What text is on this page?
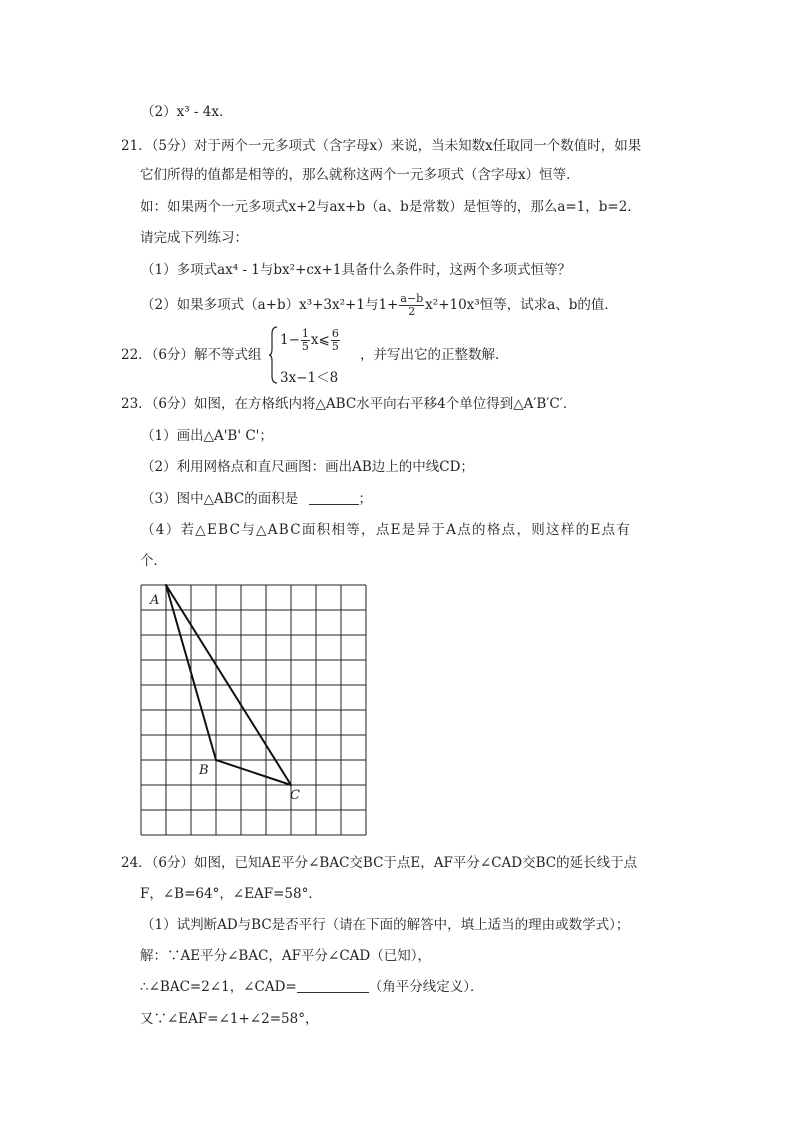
（2）x³ - 4x．
21．（5分）对于两个一元多项式（含字母x）来说，当未知数x任取同一个数值时，如果
它们所得的值都是相等的，那么就称这两个一元多项式（含字母x）恒等．
如：如果两个一元多项式x+2与ax+b（a、b是常数）是恒等的，那么a=1，b=2．
请完成下列练习：
（1）多项式ax⁴ - 1与bx²+cx+1具备什么条件时，这两个多项式恒等？
（2）如果多项式（a+b）x³+3x²+1与$1+ \frac{a-b}{2} x^2+10x^3$恒等，试求a、b的值．
22．（6分）解不等式组
$1- \frac{1}{5}$ x⩽ $\frac{6}{5}$
3x−1＜8
，并写出它的正整数解．
23．（6分）如图，在方格纸内将△ABC水平向右平移4个单位得到△A′B′C′．
（1）画出△A'B' C'；
（2）利用网格点和直尺画图：画出AB边上的中线CD；
（3）图中△ABC的面积是	；
（4）若△EBC与△ABC面积相等，点E是异于A点的格点，则这样的E点有
个．
A
B
C
24．（6分）如图，已知AE平分∠BAC交BC于点E，AF平分∠CAD交BC的延长线于点
F，∠B=64°，∠EAF=58°．
（1）试判断AD与BC是否平行（请在下面的解答中，填上适当的理由或数学式）；
解：∵AE平分∠BAC，AF平分∠CAD（已知），
∴∠BAC=2∠1，∠CAD=	（角平分线定义）．
又∵∠EAF=∠1+∠2=58°，
